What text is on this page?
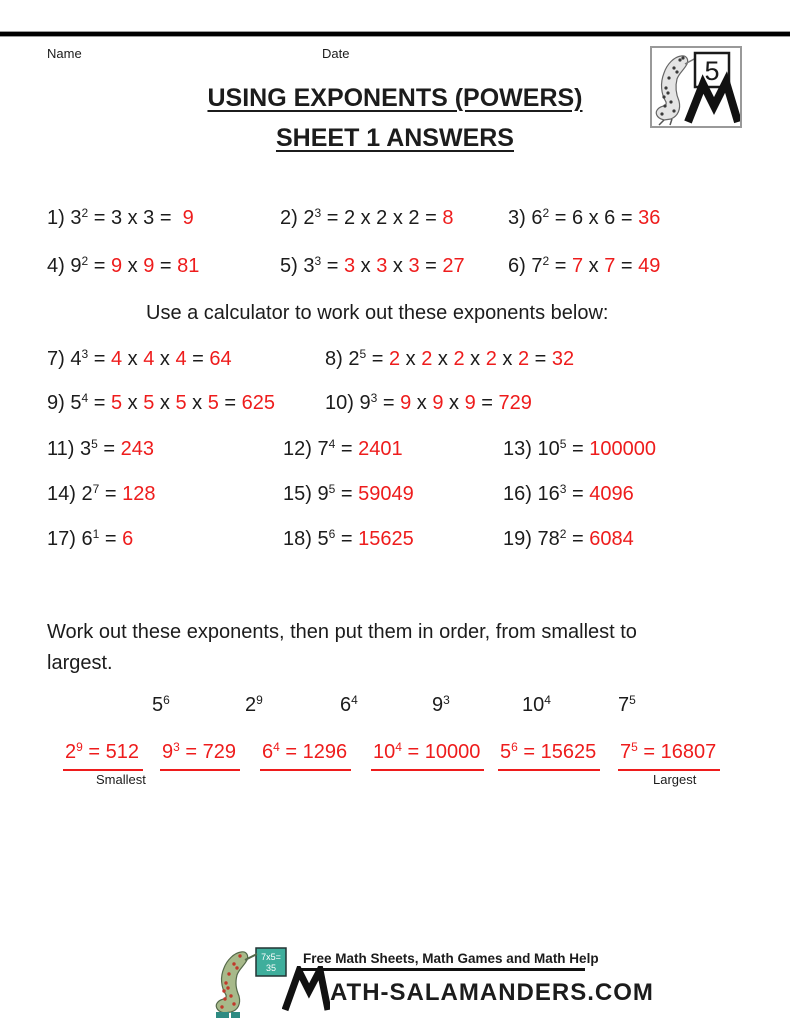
Name	Date
5
USING EXPONENTS (POWERS)
SHEET 1 ANSWERS
1) $3^2 = 3$ x 3 =  9	2) $2^3 = 2$ x 2 x 2 = 8	3) $6^2 = 6$ x 6 = 36
4) $9^2 = 9$ x 9 = 81	5) $3^3 = 3$ x 3 x 3 = 27 6) $7^2 = 7$ x 7 = 49
Use a calculator to work out these exponents below:
7) $4^3 = 4$ x 4 x 4 = 64	8) $2^5 = 2$ x 2 x 2 x 2 x 2 = 32
9) $5^4 = 5$ x 5 x 5 x 5 = 625	10) $9^3 = 9$ x 9 x 9 = 729
11) $3^5 = 243$	12) $7^4 = 2401$	13) $10^5 = 100000$
14) $2^7 = 128$	15) $9^5 = 59049$	16) $16^3 = 4096$
17) $6^1 = 6$	18) $5^6 = 15625$	19) $78^2 = 6084$
Work out these exponents, then put them in order, from smallest to
largest.
$5^6$	$2^9$	$6^4$	$9^3$	$10^4$	$7^5$
$2^9 = 512$ $9^3 = 729$ $6^4 = 1296$ $10^4 = 10000$ $5^6 = 15625$ $7^5 = 16807$
Smallest	Largest
7x5=
35
Free Math Sheets, Math Games and Math Help
ATH-SALAMANDERS.COM
